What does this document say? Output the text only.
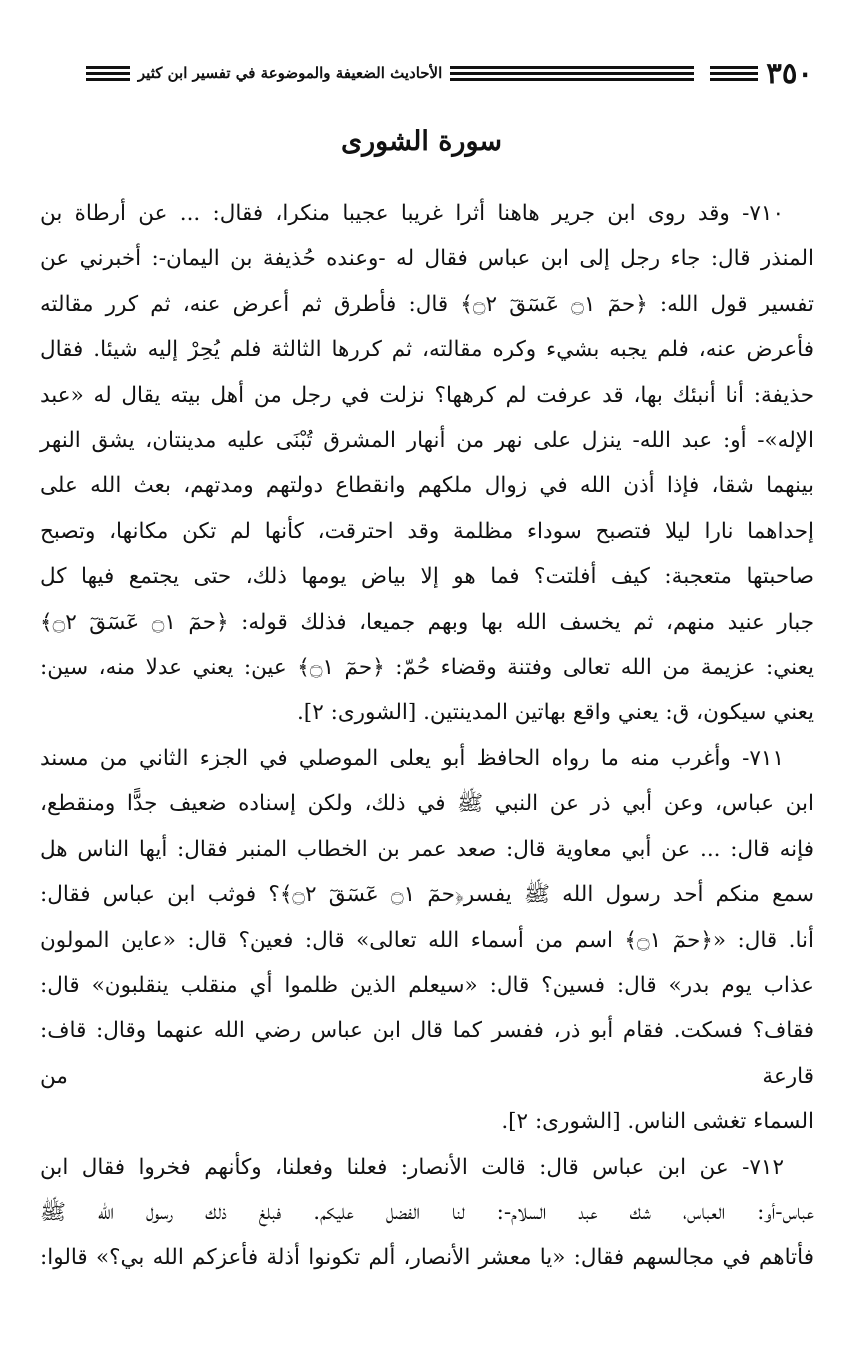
٣٥٠
الأحاديث الضعيفة والموضوعة في تفسير ابن كثير
سورة الشورى

٧١٠- وقد روى ابن جرير هاهنا أثرا غريبا عجيبا منكرا، فقال: ... عن أرطاة بن
المنذر قال: جاء رجل إلى ابن عباس فقال له -وعنده حُذيفة بن اليمان-: أخبرني عن
تفسير قول الله: ﴿حمٓ ۝١ عٓسٓقٓ ۝٢﴾ قال: فأطرق ثم أعرض عنه، ثم كرر مقالته
فأعرض عنه، فلم يجبه بشيء وكره مقالته، ثم كررها الثالثة فلم يُحِرْ إليه شيئا. فقال
حذيفة: أنا أنبئك بها، قد عرفت لم كرهها؟ نزلت في رجل من أهل بيته يقال له «عبد
الإله»- أو: عبد الله- ينزل على نهر من أنهار المشرق تُبْنَى عليه مدينتان، يشق النهر
بينهما شقا، فإذا أذن الله في زوال ملكهم وانقطاع دولتهم ومدتهم، بعث الله على
إحداهما نارا ليلا فتصبح سوداء مظلمة وقد احترقت، كأنها لم تكن مكانها، وتصبح
صاحبتها متعجبة: كيف أفلتت؟ فما هو إلا بياض يومها ذلك، حتى يجتمع فيها كل
جبار عنيد منهم، ثم يخسف الله بها وبهم جميعا، فذلك قوله: ﴿حمٓ ۝١ عٓسٓقٓ ۝٢﴾
يعني: عزيمة من الله تعالى وفتنة وقضاء حُمّ: ﴿حمٓ ۝١﴾ عين: يعني عدلا منه، سين:
يعني سيكون، ق: يعني واقع بهاتين المدينتين. [الشورى: ٢].

٧١١- وأغرب منه ما رواه الحافظ أبو يعلى الموصلي في الجزء الثاني من مسند
ابن عباس، وعن أبي ذر عن النبي ﷺ في ذلك، ولكن إسناده ضعيف جدًّا ومنقطع،
فإنه قال: ... عن أبي معاوية قال: صعد عمر بن الخطاب المنبر فقال: أيها الناس هل
سمع منكم أحد رسول الله ﷺ يفسر﴿حمٓ ۝١ عٓسٓقٓ ۝٢﴾؟ فوثب ابن عباس فقال:
أنا. قال: «﴿حمٓ ۝١﴾ اسم من أسماء الله تعالى» قال: فعين؟ قال: «عاين المولون
عذاب يوم بدر» قال: فسين؟ قال: «سيعلم الذين ظلموا أي منقلب ينقلبون» قال:
فقاف؟ فسكت. فقام أبو ذر، ففسر كما قال ابن عباس رضي الله عنهما وقال: قاف: قارعة من
السماء تغشى الناس. [الشورى: ٢].

٧١٢- عن ابن عباس قال: قالت الأنصار: فعلنا وفعلنا، وكأنهم فخروا فقال ابن
عباس-أو: العباس، شك عبد السلام-: لنا الفضل عليكم. فبلغ ذلك رسول الله ﷺ
فأتاهم في مجالسهم فقال: «يا معشر الأنصار، ألم تكونوا أذلة فأعزكم الله بي؟» قالوا:
